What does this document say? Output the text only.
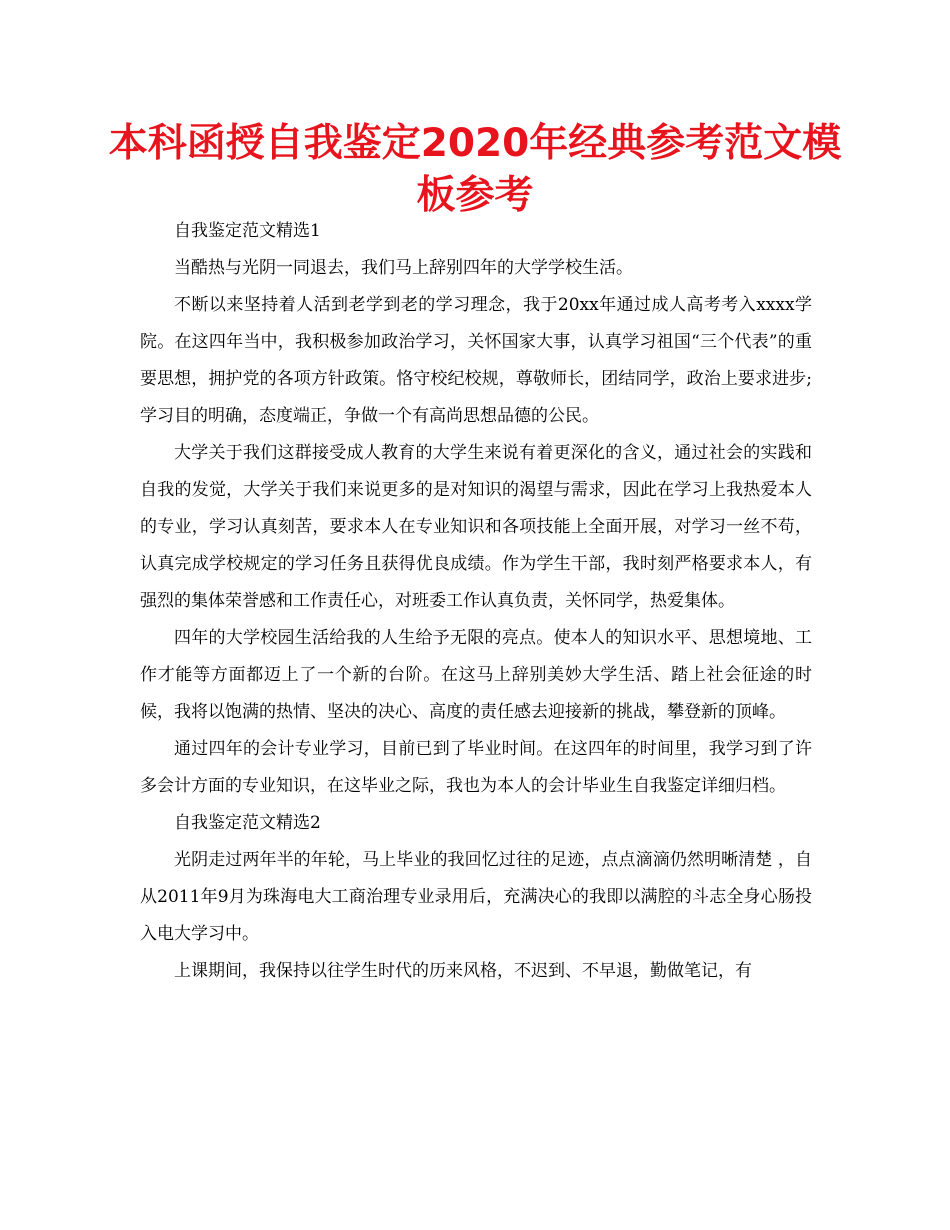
本科函授自我鉴定2020年经典参考范文模板参考

自我鉴定范文精选1

当酷热与光阴一同退去，我们马上辞别四年的大学学校生活。

不断以来坚持着人活到老学到老的学习理念，我于20xx年通过成人高考考入xxxx学院。在这四年当中，我积极参加政治学习，关怀国家大事，认真学习祖国“三个代表”的重要思想，拥护党的各项方针政策。恪守校纪校规，尊敬师长，团结同学，政治上要求进步;学习目的明确，态度端正，争做一个有高尚思想品德的公民。

大学关于我们这群接受成人教育的大学生来说有着更深化的含义，通过社会的实践和自我的发觉，大学关于我们来说更多的是对知识的渴望与需求，因此在学习上我热爱本人的专业，学习认真刻苦，要求本人在专业知识和各项技能上全面开展，对学习一丝不苟，认真完成学校规定的学习任务且获得优良成绩。作为学生干部，我时刻严格要求本人，有强烈的集体荣誉感和工作责任心，对班委工作认真负责，关怀同学，热爱集体。

四年的大学校园生活给我的人生给予无限的亮点。使本人的知识水平、思想境地、工作才能等方面都迈上了一个新的台阶。在这马上辞别美妙大学生活、踏上社会征途的时候，我将以饱满的热情、坚决的决心、高度的责任感去迎接新的挑战，攀登新的顶峰。

通过四年的会计专业学习，目前已到了毕业时间。在这四年的时间里，我学习到了许多会计方面的专业知识，在这毕业之际，我也为本人的会计毕业生自我鉴定详细归档。

自我鉴定范文精选2

光阴走过两年半的年轮，马上毕业的我回忆过往的足迹，点点滴滴仍然明晰清楚 ，自从2011年9月为珠海电大工商治理专业录用后，充满决心的我即以满腔的斗志全身心肠投入电大学习中。

上课期间，我保持以往学生时代的历来风格，不迟到、不早退，勤做笔记，有
